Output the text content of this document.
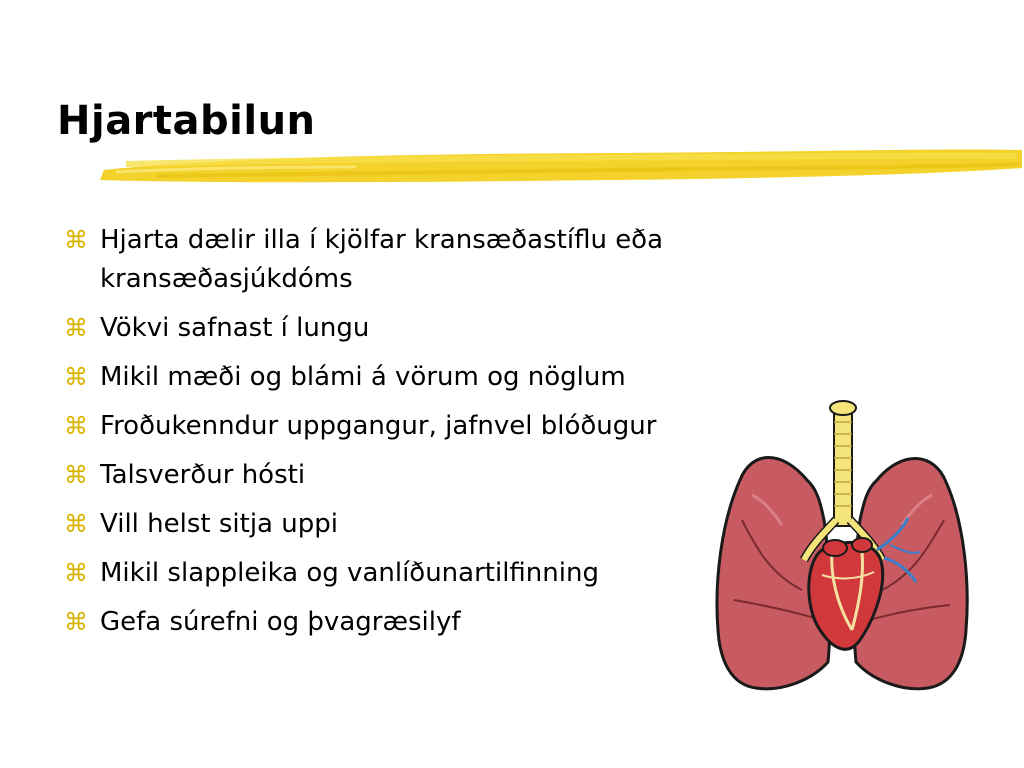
Hjartabilun
⌘ Hjarta dælir illa í kjölfar kransæðastíflu eða kransæðasjúkdóms
⌘ Vökvi safnast í lungu
⌘ Mikil mæði og blámi á vörum og nöglum
⌘ Froðukenndur uppgangur, jafnvel blóðugur
⌘ Talsverður hósti
⌘ Vill helst sitja uppi
⌘ Mikil slappleika og vanlíðunartilfinning
⌘ Gefa súrefni og þvagræsilyf
